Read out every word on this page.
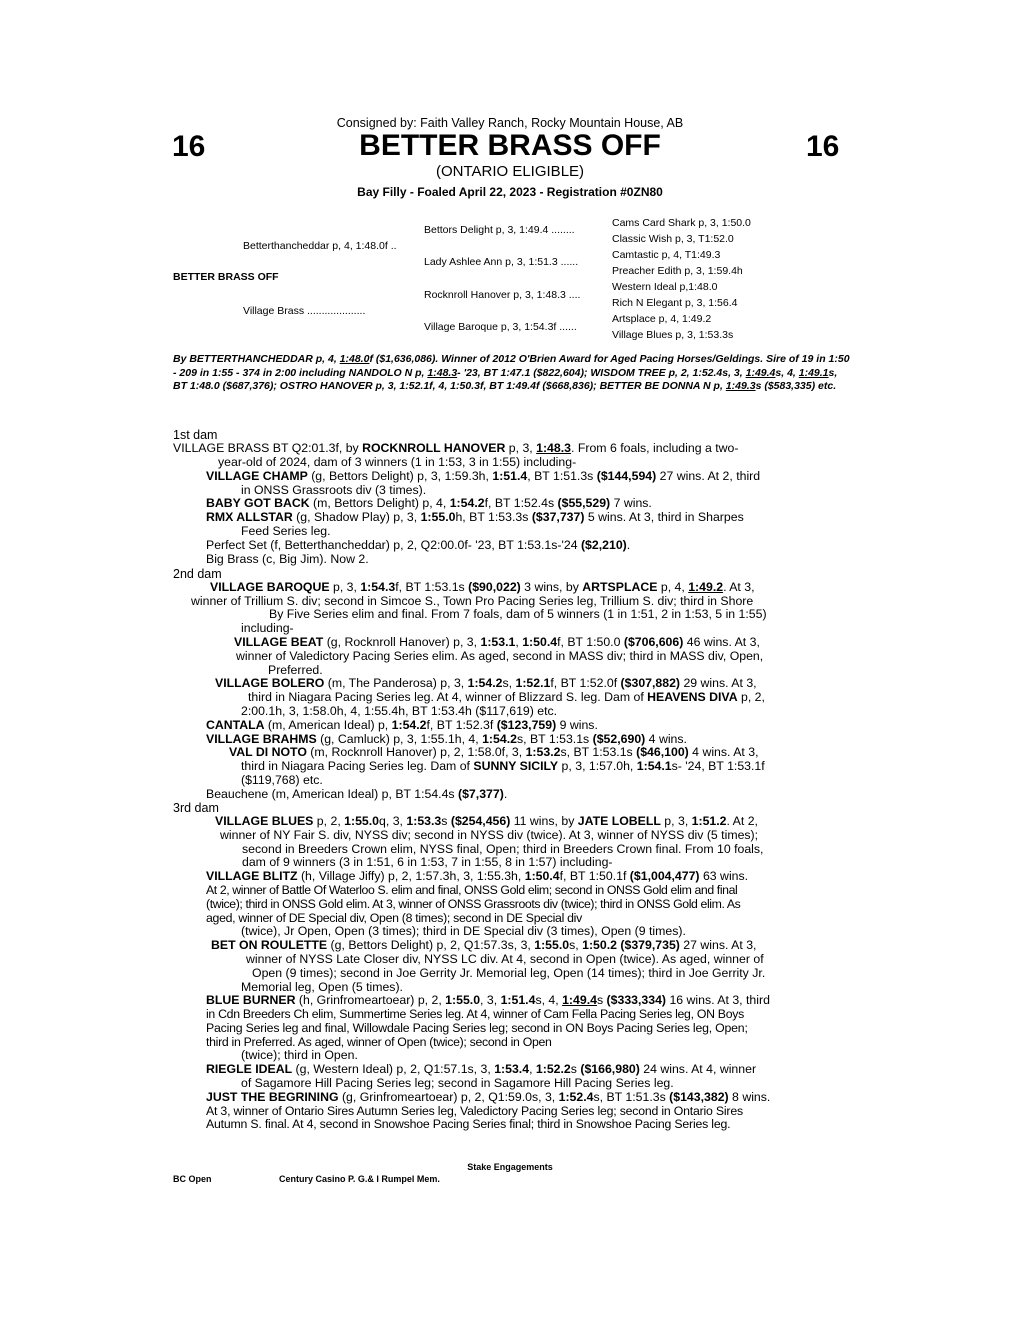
Consigned by: Faith Valley Ranch, Rocky Mountain House, AB
16	16
BETTER BRASS OFF
(ONTARIO ELIGIBLE)
Bay Filly - Foaled April 22, 2023 - Registration #0ZN80
BETTER BRASS OFF
Betterthancheddar p, 4, 1:48.0f ..
Village Brass ....................
Bettors Delight p, 3, 1:49.4 ........
Lady Ashlee Ann p, 3, 1:51.3 ......
Rocknroll Hanover p, 3, 1:48.3 ....
Village Baroque p, 3, 1:54.3f ......
Cams Card Shark p, 3, 1:50.0
Classic Wish p, 3, T1:52.0
Camtastic p, 4, T1:49.3
Preacher Edith p, 3, 1:59.4h
Western Ideal p,1:48.0
Rich N Elegant p, 3, 1:56.4
Artsplace p, 4, 1:49.2
Village Blues p, 3, 1:53.3s
By BETTERTHANCHEDDAR p, 4, 1:48.0f ($1,636,086). Winner of 2012 O'Brien Award for Aged Pacing Horses/Geldings. Sire of 19 in 1:50 - 209 in 1:55 - 374 in 2:00 including NANDOLO N p, 1:48.3- '23, BT 1:47.1 ($822,604); WISDOM TREE p, 2, 1:52.4s, 3, 1:49.4s, 4, 1:49.1s, BT 1:48.0 ($687,376); OSTRO HANOVER p, 3, 1:52.1f, 4, 1:50.3f, BT 1:49.4f ($668,836); BETTER BE DONNA N p, 1:49.3s ($583,335) etc.
1st dam
VILLAGE BRASS BT Q2:01.3f, by ROCKNROLL HANOVER p, 3, 1:48.3. From 6 foals, including a two-
year-old of 2024, dam of 3 winners (1 in 1:53, 3 in 1:55) including-
VILLAGE CHAMP (g, Bettors Delight) p, 3, 1:59.3h, 1:51.4, BT 1:51.3s ($144,594) 27 wins. At 2, third
in ONSS Grassroots div (3 times).
BABY GOT BACK (m, Bettors Delight) p, 4, 1:54.2f, BT 1:52.4s ($55,529) 7 wins.
RMX ALLSTAR (g, Shadow Play) p, 3, 1:55.0h, BT 1:53.3s ($37,737) 5 wins. At 3, third in Sharpes
Feed Series leg.
Perfect Set (f, Betterthancheddar) p, 2, Q2:00.0f- '23, BT 1:53.1s-'24 ($2,210).
Big Brass (c, Big Jim). Now 2.
2nd dam
VILLAGE BAROQUE p, 3, 1:54.3f, BT 1:53.1s ($90,022) 3 wins, by ARTSPLACE p, 4, 1:49.2. At 3,
winner of Trillium S. div; second in Simcoe S., Town Pro Pacing Series leg, Trillium S. div; third in Shore
By Five Series elim and final. From 7 foals, dam of 5 winners (1 in 1:51, 2 in 1:53, 5 in 1:55)
including-
VILLAGE BEAT (g, Rocknroll Hanover) p, 3, 1:53.1, 1:50.4f, BT 1:50.0 ($706,606) 46 wins. At 3,
winner of Valedictory Pacing Series elim. As aged, second in MASS div; third in MASS div, Open,
Preferred.
VILLAGE BOLERO (m, The Panderosa) p, 3, 1:54.2s, 1:52.1f, BT 1:52.0f ($307,882) 29 wins. At 3,
third in Niagara Pacing Series leg. At 4, winner of Blizzard S. leg. Dam of HEAVENS DIVA p, 2,
2:00.1h, 3, 1:58.0h, 4, 1:55.4h, BT 1:53.4h ($117,619) etc.
CANTALA (m, American Ideal) p, 1:54.2f, BT 1:52.3f ($123,759) 9 wins.
VILLAGE BRAHMS (g, Camluck) p, 3, 1:55.1h, 4, 1:54.2s, BT 1:53.1s ($52,690) 4 wins.
VAL DI NOTO (m, Rocknroll Hanover) p, 2, 1:58.0f, 3, 1:53.2s, BT 1:53.1s ($46,100) 4 wins. At 3,
third in Niagara Pacing Series leg. Dam of SUNNY SICILY p, 3, 1:57.0h, 1:54.1s- '24, BT 1:53.1f
($119,768) etc.
Beauchene (m, American Ideal) p, BT 1:54.4s ($7,377).
3rd dam
VILLAGE BLUES p, 2, 1:55.0q, 3, 1:53.3s ($254,456) 11 wins, by JATE LOBELL p, 3, 1:51.2. At 2,
winner of NY Fair S. div, NYSS div; second in NYSS div (twice). At 3, winner of NYSS div (5 times);
second in Breeders Crown elim, NYSS final, Open; third in Breeders Crown final. From 10 foals,
dam of 9 winners (3 in 1:51, 6 in 1:53, 7 in 1:55, 8 in 1:57) including-
VILLAGE BLITZ (h, Village Jiffy) p, 2, 1:57.3h, 3, 1:55.3h, 1:50.4f, BT 1:50.1f ($1,004,477) 63 wins.
At 2, winner of Battle Of Waterloo S. elim and final, ONSS Gold elim; second in ONSS Gold elim and final
(twice); third in ONSS Gold elim. At 3, winner of ONSS Grassroots div (twice); third in ONSS Gold elim. As
aged, winner of DE Special div, Open (8 times); second in DE Special div
(twice), Jr Open, Open (3 times); third in DE Special div (3 times), Open (9 times).
BET ON ROULETTE (g, Bettors Delight) p, 2, Q1:57.3s, 3, 1:55.0s, 1:50.2 ($379,735) 27 wins. At 3,
winner of NYSS Late Closer div, NYSS LC div. At 4, second in Open (twice). As aged, winner of
Open (9 times); second in Joe Gerrity Jr. Memorial leg, Open (14 times); third in Joe Gerrity Jr.
Memorial leg, Open (5 times).
BLUE BURNER (h, Grinfromeartoear) p, 2, 1:55.0, 3, 1:51.4s, 4, 1:49.4s ($333,334) 16 wins. At 3, third
in Cdn Breeders Ch elim, Summertime Series leg. At 4, winner of Cam Fella Pacing Series leg, ON Boys
Pacing Series leg and final, Willowdale Pacing Series leg; second in ON Boys Pacing Series leg, Open;
third in Preferred. As aged, winner of Open (twice); second in Open
(twice); third in Open.
RIEGLE IDEAL (g, Western Ideal) p, 2, Q1:57.1s, 3, 1:53.4, 1:52.2s ($166,980) 24 wins. At 4, winner
of Sagamore Hill Pacing Series leg; second in Sagamore Hill Pacing Series leg.
JUST THE BEGRINING (g, Grinfromeartoear) p, 2, Q1:59.0s, 3, 1:52.4s, BT 1:51.3s ($143,382) 8 wins.
At 3, winner of Ontario Sires Autumn Series leg, Valedictory Pacing Series leg; second in Ontario Sires
Autumn S. final. At 4, second in Snowshoe Pacing Series final; third in Snowshoe Pacing Series leg.
Stake Engagements
BC Open	Century Casino P. G.& I Rumpel Mem.
